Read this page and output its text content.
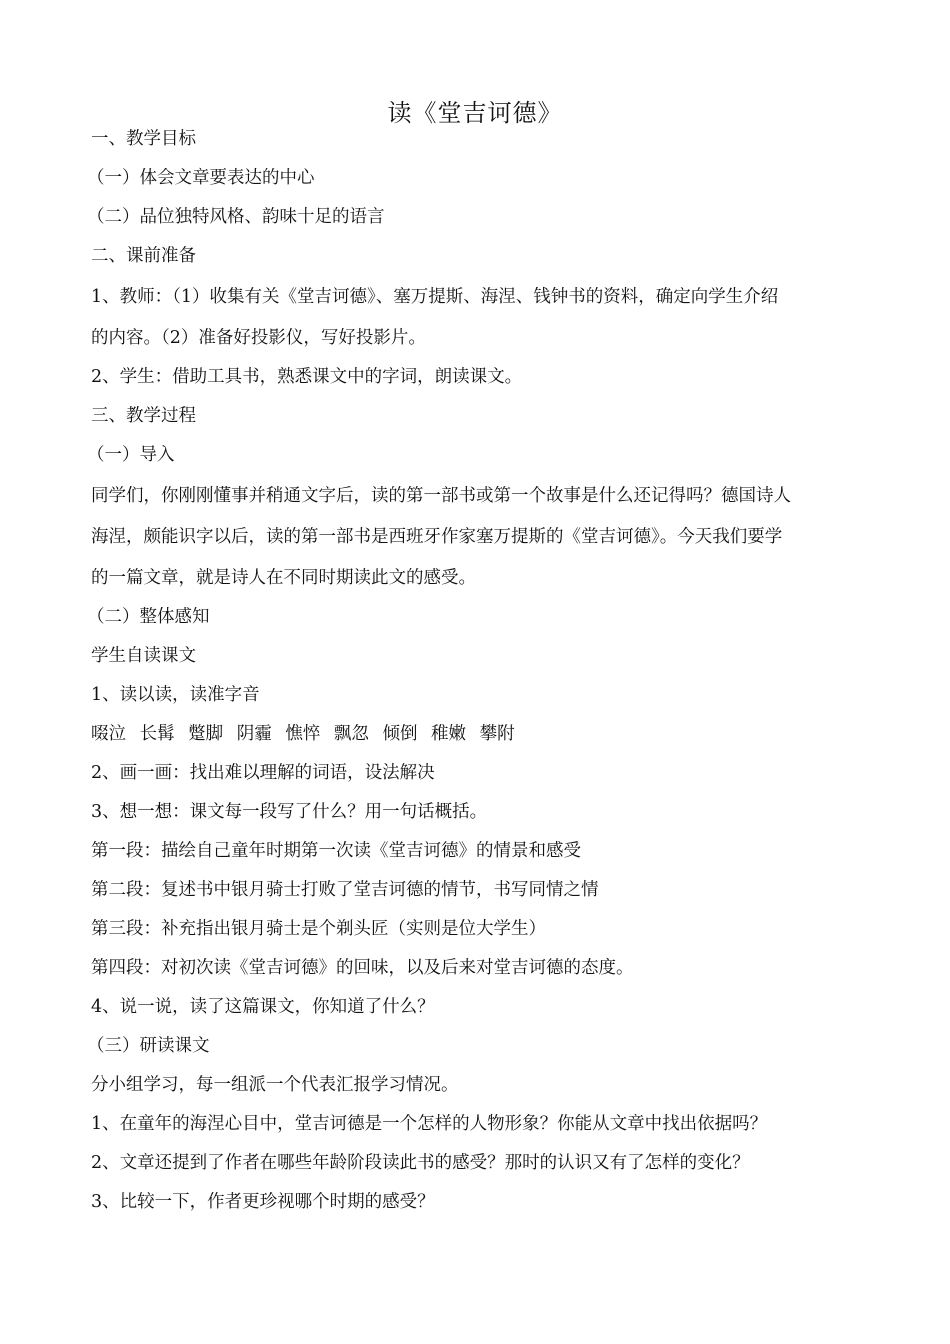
读《堂吉诃德》

一、教学目标

（一）体会文章要表达的中心

（二）品位独特风格、韵味十足的语言

二、课前准备

1、教师：（1）收集有关《堂吉诃德》、塞万提斯、海涅、钱钟书的资料，确定向学生介绍

的内容。（2）准备好投影仪，写好投影片。

2、学生：借助工具书，熟悉课文中的字词，朗读课文。

三、教学过程

（一）导入

同学们，你刚刚懂事并稍通文字后，读的第一部书或第一个故事是什么还记得吗？德国诗人

海涅，颇能识字以后，读的第一部书是西班牙作家塞万提斯的《堂吉诃德》。今天我们要学

的一篇文章，就是诗人在不同时期读此文的感受。

（二）整体感知

学生自读课文

1、读以读，读准字音

啜泣 长髯 蹩脚 阴霾 憔悴 飘忽 倾倒 稚嫩 攀附

2、画一画：找出难以理解的词语，设法解决

3、想一想：课文每一段写了什么？用一句话概括。

第一段：描绘自己童年时期第一次读《堂吉诃德》的情景和感受

第二段：复述书中银月骑士打败了堂吉诃德的情节，书写同情之情

第三段：补充指出银月骑士是个剃头匠（实则是位大学生）

第四段：对初次读《堂吉诃德》的回味，以及后来对堂吉诃德的态度。

4、说一说，读了这篇课文，你知道了什么？

（三）研读课文

分小组学习，每一组派一个代表汇报学习情况。

1、在童年的海涅心目中，堂吉诃德是一个怎样的人物形象？你能从文章中找出依据吗？

2、文章还提到了作者在哪些年龄阶段读此书的感受？那时的认识又有了怎样的变化？

3、比较一下，作者更珍视哪个时期的感受？
